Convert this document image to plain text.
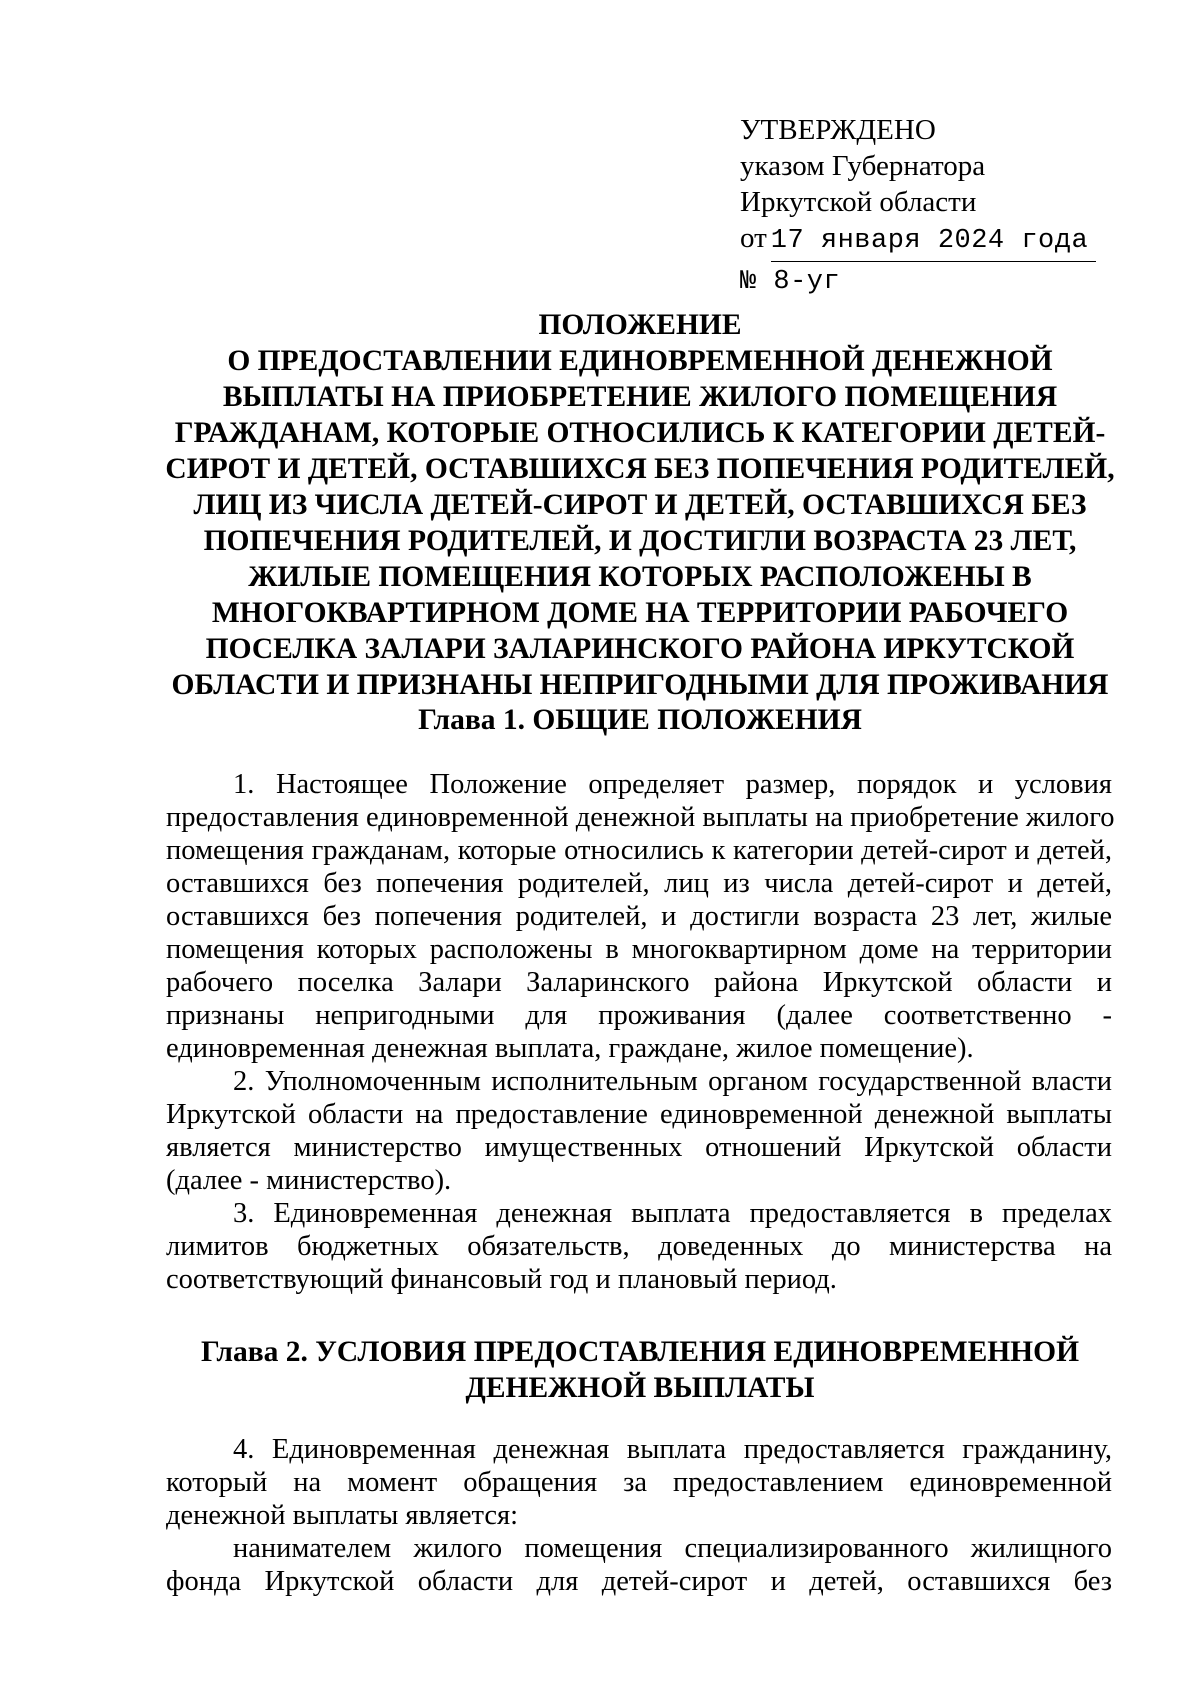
УТВЕРЖДЕНО
указом Губернатора
Иркутской области
от 17 января 2024 года
№ 8-уг
ПОЛОЖЕНИЕ
О ПРЕДОСТАВЛЕНИИ ЕДИНОВРЕМЕННОЙ ДЕНЕЖНОЙ
ВЫПЛАТЫ НА ПРИОБРЕТЕНИЕ ЖИЛОГО ПОМЕЩЕНИЯ
ГРАЖДАНАМ, КОТОРЫЕ ОТНОСИЛИСЬ К КАТЕГОРИИ ДЕТЕЙ-
СИРОТ И ДЕТЕЙ, ОСТАВШИХСЯ БЕЗ ПОПЕЧЕНИЯ РОДИТЕЛЕЙ,
ЛИЦ ИЗ ЧИСЛА ДЕТЕЙ-СИРОТ И ДЕТЕЙ, ОСТАВШИХСЯ БЕЗ
ПОПЕЧЕНИЯ РОДИТЕЛЕЙ, И ДОСТИГЛИ ВОЗРАСТА 23 ЛЕТ,
ЖИЛЫЕ ПОМЕЩЕНИЯ КОТОРЫХ РАСПОЛОЖЕНЫ В
МНОГОКВАРТИРНОМ ДОМЕ НА ТЕРРИТОРИИ РАБОЧЕГО
ПОСЕЛКА ЗАЛАРИ ЗАЛАРИНСКОГО РАЙОНА ИРКУТСКОЙ
ОБЛАСТИ И ПРИЗНАНЫ НЕПРИГОДНЫМИ ДЛЯ ПРОЖИВАНИЯ
Глава 1. ОБЩИЕ ПОЛОЖЕНИЯ
1. Настоящее Положение определяет размер, порядок и условия
предоставления единовременной денежной выплаты на приобретение жилого
помещения гражданам, которые относились к категории детей-сирот и детей,
оставшихся без попечения родителей, лиц из числа детей-сирот и детей,
оставшихся без попечения родителей, и достигли возраста 23 лет, жилые
помещения которых расположены в многоквартирном доме на территории
рабочего поселка Залари Заларинского района Иркутской области и
признаны непригодными для проживания (далее соответственно -
единовременная денежная выплата, граждане, жилое помещение).
2. Уполномоченным исполнительным органом государственной власти
Иркутской области на предоставление единовременной денежной выплаты
является министерство имущественных отношений Иркутской области
(далее - министерство).
3. Единовременная денежная выплата предоставляется в пределах
лимитов бюджетных обязательств, доведенных до министерства на
соответствующий финансовый год и плановый период.
Глава 2. УСЛОВИЯ ПРЕДОСТАВЛЕНИЯ ЕДИНОВРЕМЕННОЙ
ДЕНЕЖНОЙ ВЫПЛАТЫ
4. Единовременная денежная выплата предоставляется гражданину,
который на момент обращения за предоставлением единовременной
денежной выплаты является:
нанимателем жилого помещения специализированного жилищного
фонда Иркутской области для детей-сирот и детей, оставшихся без
